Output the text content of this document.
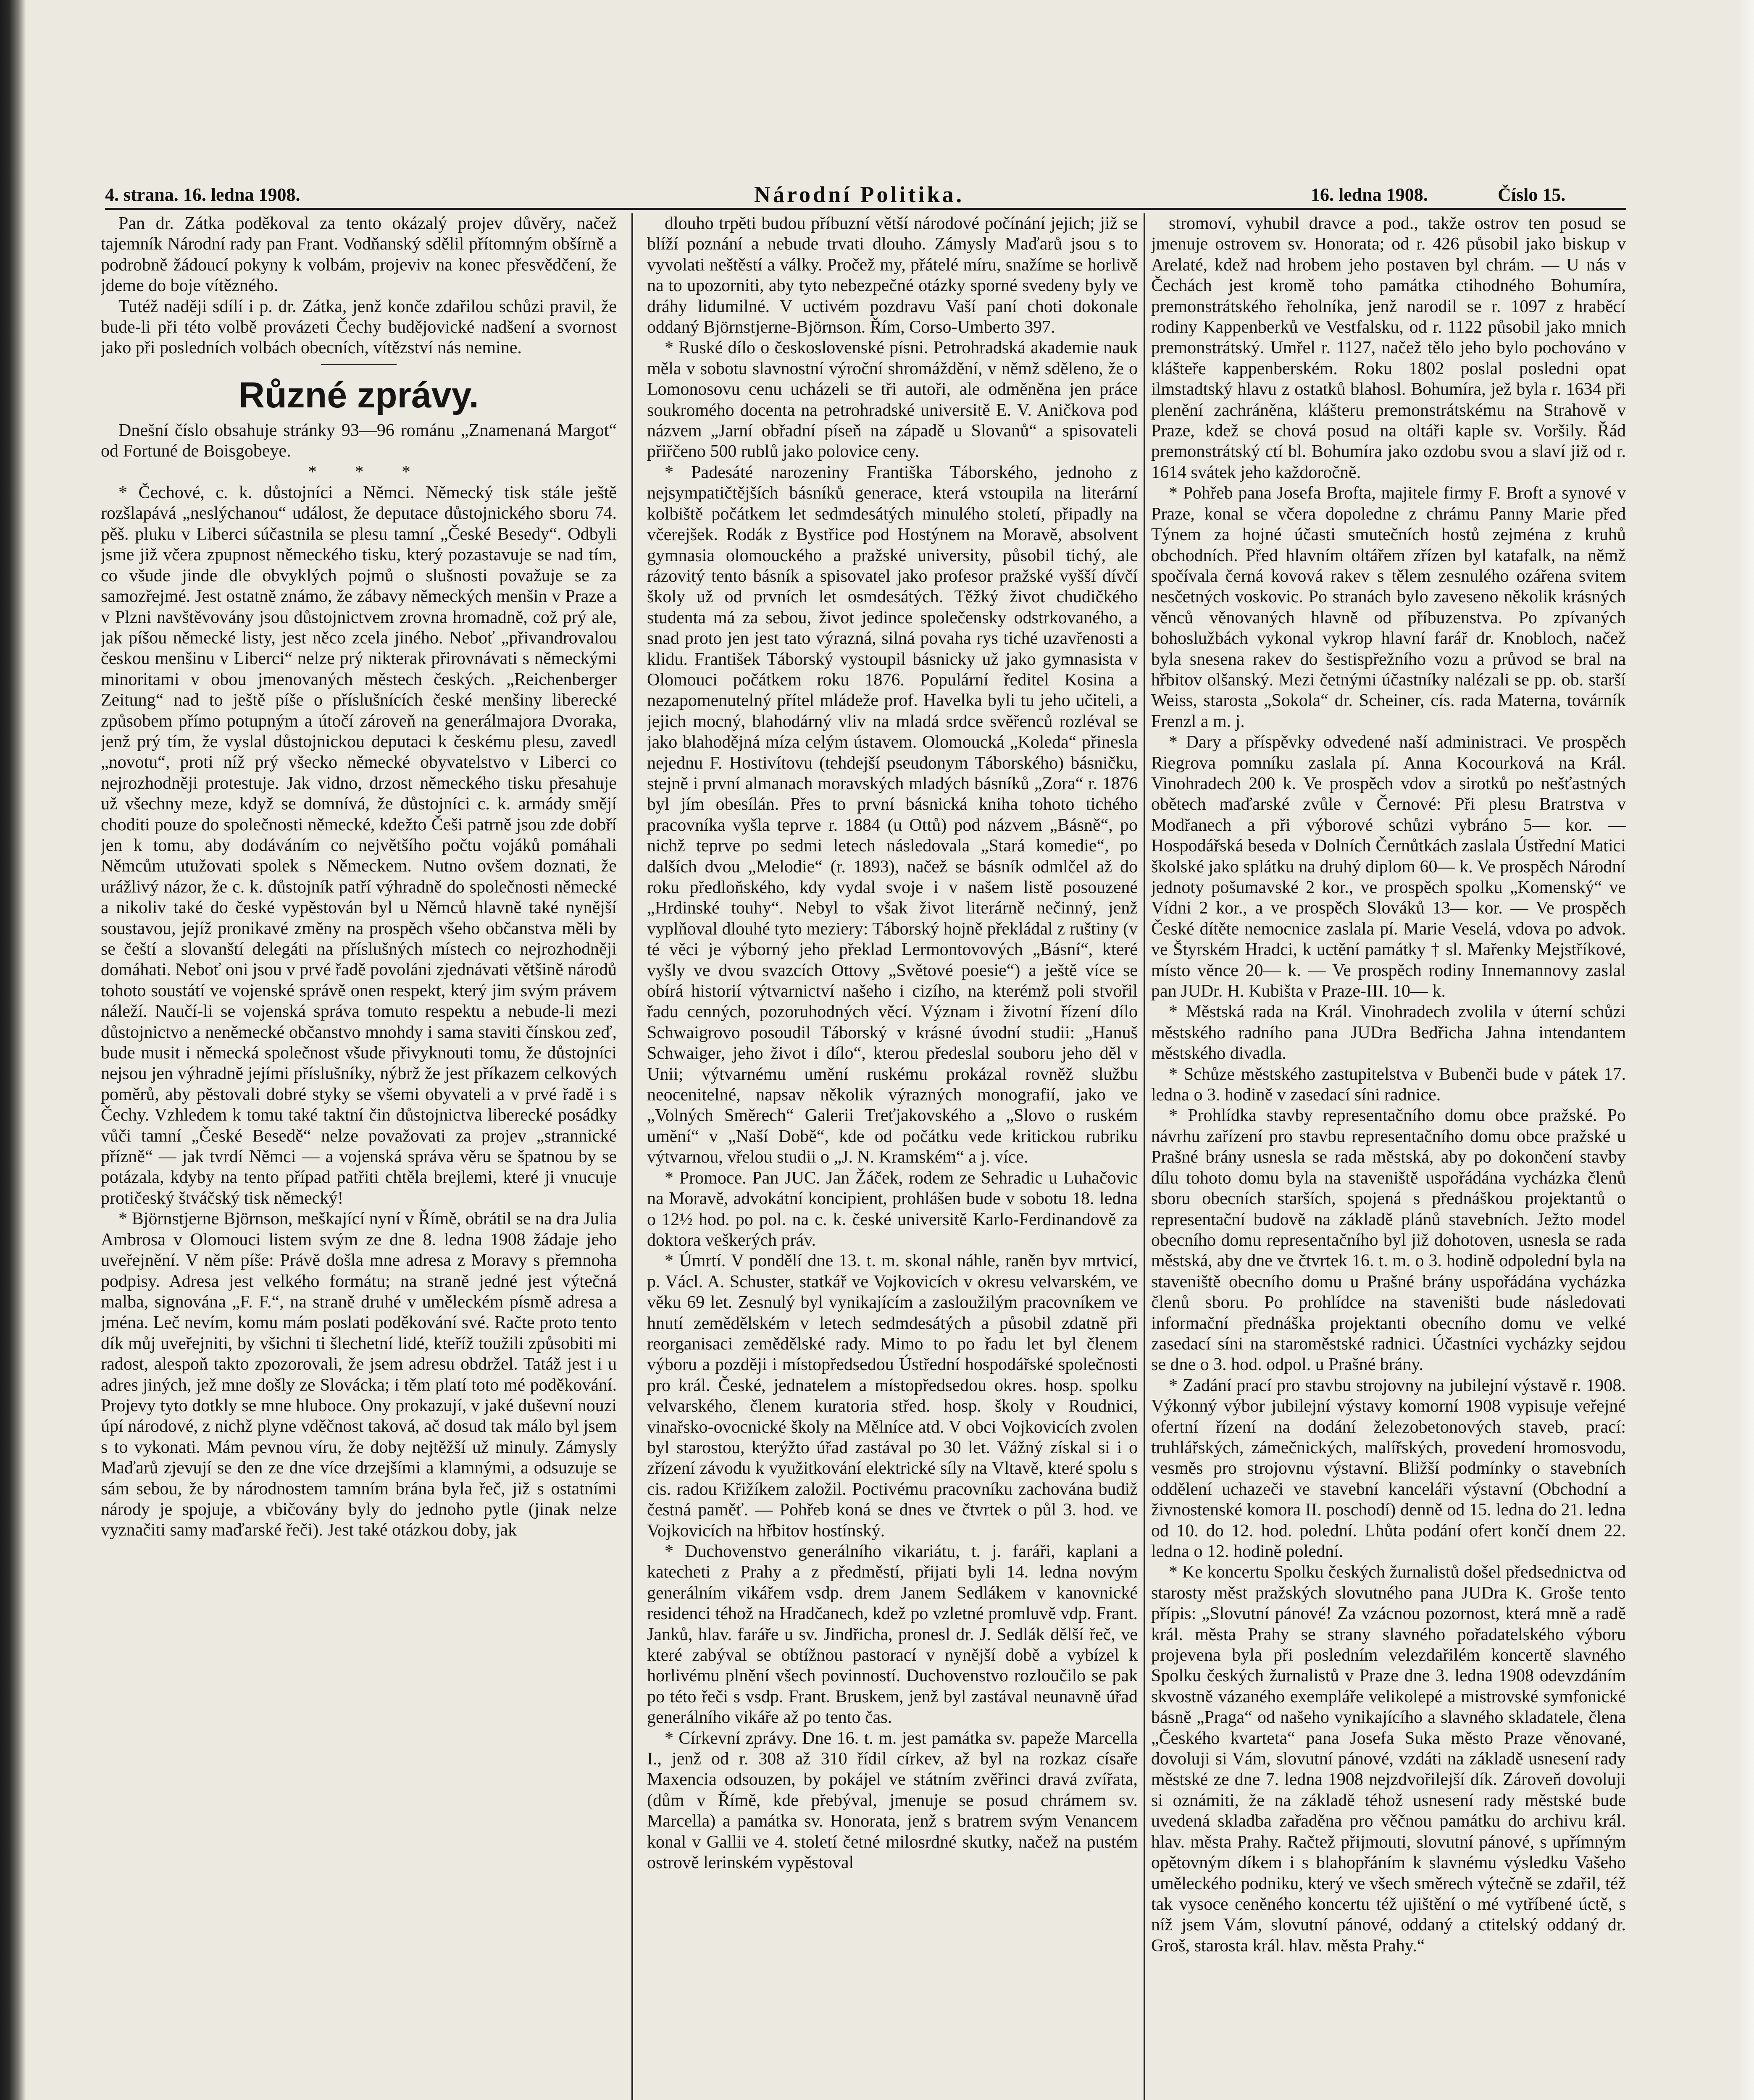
4. strana. 16. ledna 1908.	Národní Politika.	16. ledna 1908.	Číslo 15.

Pan dr. Zátka poděkoval za tento okázalý projev důvěry, načež tajemník Národní rady pan Frant. Vodňanský sdělil přítomným obšírně a podrobně žádoucí pokyny k volbám, projeviv na konec přesvědčení, že jdeme do boje vítězného.

Tutéž naději sdílí i p. dr. Zátka, jenž konče zdařilou schůzi pravil, že bude-li při této volbě provázeti Čechy budějovické nadšení a svornost jako při posledních volbách obecních, vítězství nás nemine.

Různé zprávy.

Dnešní číslo obsahuje stránky 93—96 románu „Znamenaná Margot“ od Fortuné de Boisgobeye.

* * *

* Čechové, c. k. důstojníci a Němci. Německý tisk stále ještě rozšlapává „neslýchanou“ událost, že deputace důstojnického sboru 74. pěš. pluku v Liberci súčastnila se plesu tamní „České Besedy“. Odbyli jsme již včera zpupnost německého tisku, který pozastavuje se nad tím, co všude jinde dle obvyklých pojmů o slušnosti považuje se za samozřejmé. Jest ostatně známo, že zábavy německých menšin v Praze a v Plzni navštěvovány jsou důstojnictvem zrovna hromadně, což prý ale, jak píšou německé listy, jest něco zcela jiného. Neboť „přivandrovalou českou menšinu v Liberci“ nelze prý nikterak přirovnávati s německými minoritami v obou jmenovaných městech českých. „Reichenberger Zeitung“ nad to ještě píše o příslušnících české menšiny liberecké způsobem přímo potupným a útočí zároveň na generálmajora Dvoraka, jenž prý tím, že vyslal důstojnickou deputaci k českému plesu, zavedl „novotu“, proti níž prý všecko německé obyvatelstvo v Liberci co nejrozhodněji protestuje. Jak vidno, drzost německého tisku přesahuje už všechny meze, když se domnívá, že důstojníci c. k. armády smějí choditi pouze do společnosti německé, kdežto Češi patrně jsou zde dobří jen k tomu, aby dodáváním co největšího počtu vojáků pomáhali Němcům utužovati spolek s Německem. Nutno ovšem doznati, že urážlivý názor, že c. k. důstojník patří výhradně do společnosti německé a nikoliv také do české vypěstován byl u Němců hlavně také nynější soustavou, jejíž pronikavé změny na prospěch všeho občanstva měli by se čeští a slovanští delegáti na příslušných místech co nejrozhodněji domáhati. Neboť oni jsou v prvé řadě povoláni zjednávati většině národů tohoto soustátí ve vojenské správě onen respekt, který jim svým právem náleží. Naučí-li se vojenská správa tomuto respektu a nebude-li mezi důstojnictvo a neněmecké občanstvo mnohdy i sama staviti čínskou zeď, bude musit i německá společnost všude přivyknouti tomu, že důstojníci nejsou jen výhradně jejími příslušníky, nýbrž že jest příkazem celkových poměrů, aby pěstovali dobré styky se všemi obyvateli a v prvé řadě i s Čechy. Vzhledem k tomu také taktní čin důstojnictva liberecké posádky vůči tamní „České Besedě“ nelze považovati za projev „strannické přízně“ — jak tvrdí Němci — a vojenská správa věru se špatnou by se potázala, kdyby na tento případ patřiti chtěla brejlemi, které ji vnucuje protičeský štváčský tisk německý!

* Björnstjerne Björnson, meškající nyní v Římě, obrátil se na dra Julia Ambrosa v Olomouci listem svým ze dne 8. ledna 1908 žádaje jeho uveřejnění. V něm píše: Právě došla mne adresa z Moravy s přemnoha podpisy. Adresa jest velkého formátu; na straně jedné jest výtečná malba, signována „F. F.“, na straně druhé v uměleckém písmě adresa a jména. Leč nevím, komu mám poslati poděkování své. Račte proto tento dík můj uveřejniti, by všichni ti šlechetní lidé, kteříž toužili způsobiti mi radost, alespoň takto zpozorovali, že jsem adresu obdržel. Tatáž jest i u adres jiných, jež mne došly ze Slovácka; i těm platí toto mé poděkování. Projevy tyto dotkly se mne hluboce. Ony prokazují, v jaké duševní nouzi úpí národové, z nichž plyne vděčnost taková, ač dosud tak málo byl jsem s to vykonati. Mám pevnou víru, že doby nejtěžší už minuly. Zámysly Maďarů zjevují se den ze dne více drzejšími a klamnými, a odsuzuje se sám sebou, že by národnostem tamním brána byla řeč, již s ostatními národy je spojuje, a vbičovány byly do jednoho pytle (jinak nelze vyznačiti samy maďarské řeči). Jest také otázkou doby, jak

dlouho trpěti budou příbuzní větší národové počínání jejich; již se blíží poznání a nebude trvati dlouho. Zámysly Maďarů jsou s to vyvolati neštěstí a války. Pročež my, přátelé míru, snažíme se horlivě na to upozorniti, aby tyto nebezpečné otázky sporné svedeny byly ve dráhy lidumilné. V uctivém pozdravu Vaší paní choti dokonale oddaný Björnstjerne-Björnson. Řím, Corso-Umberto 397.

* Ruské dílo o československé písni. Petrohradská akademie nauk měla v sobotu slavnostní výroční shromáždění, v němž sděleno, že o Lomonosovu cenu ucházeli se tři autoři, ale odměněna jen práce soukromého docenta na petrohradské universitě E. V. Aničkova pod názvem „Jarní obřadní píseň na západě u Slovanů“ a spisovateli přiřčeno 500 rublů jako polovice ceny.

* Padesáté narozeniny Františka Táborského, jednoho z nejsympatičtějších básníků generace, která vstoupila na literární kolbiště počátkem let sedmdesátých minulého století, připadly na včerejšek. Rodák z Bystřice pod Hostýnem na Moravě, absolvent gymnasia olomouckého a pražské university, působil tichý, ale rázovitý tento básník a spisovatel jako profesor pražské vyšší dívčí školy už od prvních let osmdesátých. Těžký život chudičkého studenta má za sebou, život jedince společensky odstrkovaného, a snad proto jen jest tato výrazná, silná povaha rys tiché uzavřenosti a klidu. František Táborský vystoupil básnicky už jako gymnasista v Olomouci počátkem roku 1876. Populární ředitel Kosina a nezapomenutelný přítel mládeže prof. Havelka byli tu jeho učiteli, a jejich mocný, blahodárný vliv na mladá srdce svěřenců rozléval se jako blahodějná míza celým ústavem. Olomoucká „Koleda“ přinesla nejednu F. Hostivítovu (tehdejší pseudonym Táborského) básničku, stejně i první almanach moravských mladých básníků „Zora“ r. 1876 byl jím obesílán. Přes to první básnická kniha tohoto tichého pracovníka vyšla teprve r. 1884 (u Ottů) pod názvem „Básně“, po nichž teprve po sedmi letech následovala „Stará komedie“, po dalších dvou „Melodie“ (r. 1893), načež se básník odmlčel až do roku předloňského, kdy vydal svoje i v našem listě posouzené „Hrdinské touhy“. Nebyl to však život literárně nečinný, jenž vyplňoval dlouhé tyto meziery: Táborský hojně překládal z ruštiny (v té věci je výborný jeho překlad Lermontovových „Básní“, které vyšly ve dvou svazcích Ottovy „Světové poesie“) a ještě více se obírá historií výtvarnictví našeho i cizího, na kterémž poli stvořil řadu cenných, pozoruhodných věcí. Význam i životní řízení dílo Schwaigrovo posoudil Táborský v krásné úvodní studii: „Hanuš Schwaiger, jeho život i dílo“, kterou předeslal souboru jeho děl v Unii; výtvarnému umění ruskému prokázal rovněž službu neocenitelné, napsav několik výrazných monografií, jako ve „Volných Směrech“ Galerii Treťjakovského a „Slovo o ruském umění“ v „Naší Době“, kde od počátku vede kritickou rubriku výtvarnou, vřelou studii o „J. N. Kramském“ a j. více.

* Promoce. Pan JUC. Jan Žáček, rodem ze Sehradic u Luhačovic na Moravě, advokátní koncipient, prohlášen bude v sobotu 18. ledna o 12½ hod. po pol. na c. k. české universitě Karlo-Ferdinandově za doktora veškerých práv.

* Úmrtí. V pondělí dne 13. t. m. skonal náhle, raněn byv mrtvicí, p. Václ. A. Schuster, statkář ve Vojkovicích v okresu velvarském, ve věku 69 let. Zesnulý byl vynikajícím a zasloužilým pracovníkem ve hnutí zemědělském v letech sedmdesátých a působil zdatně při reorganisaci zemědělské rady. Mimo to po řadu let byl členem výboru a později i místopředsedou Ústřední hospodářské společnosti pro král. České, jednatelem a místopředsedou okres. hosp. spolku velvarského, členem kuratoria střed. hosp. školy v Roudnici, vinařsko-ovocnické školy na Mělníce atd. V obci Vojkovicích zvolen byl starostou, kterýžto úřad zastával po 30 let. Vážný získal si i o zřízení závodu k využitkování elektrické síly na Vltavě, které spolu s cis. radou Křižíkem založil. Poctivému pracovníku zachována budiž čestná paměť. — Pohřeb koná se dnes ve čtvrtek o půl 3. hod. ve Vojkovicích na hřbitov hostínský.

* Duchovenstvo generálního vikariátu, t. j. faráři, kaplani a katecheti z Prahy a z předměstí, přijati byli 14. ledna novým generálním vikářem vsdp. drem Janem Sedlákem v kanovnické residenci téhož na Hradčanech, kdež po vzletné promluvě vdp. Frant. Janků, hlav. faráře u sv. Jindřicha, pronesl dr. J. Sedlák dělší řeč, ve které zabýval se obtížnou pastorací v nynější době a vybízel k horlivému plnění všech povinností. Duchovenstvo rozloučilo se pak po této řeči s vsdp. Frant. Bruskem, jenž byl zastával neunavně úřad generálního vikáře až po tento čas.

* Církevní zprávy. Dne 16. t. m. jest památka sv. papeže Marcella I., jenž od r. 308 až 310 řídil církev, až byl na rozkaz císaře Maxencia odsouzen, by pokájel ve státním zvěřinci dravá zvířata, (dům v Římě, kde přebýval, jmenuje se posud chrámem sv. Marcella) a památka sv. Honorata, jenž s bratrem svým Venancem konal v Gallii ve 4. století četné milosrdné skutky, načež na pustém ostrově lerinském vypěstoval

stromoví, vyhubil dravce a pod., takže ostrov ten posud se jmenuje ostrovem sv. Honorata; od r. 426 působil jako biskup v Arelaté, kdež nad hrobem jeho postaven byl chrám. — U nás v Čechách jest kromě toho památka ctihodného Bohumíra, premonstrátského řeholníka, jenž narodil se r. 1097 z hraběcí rodiny Kappenberků ve Vestfalsku, od r. 1122 působil jako mnich premonstrátský. Umřel r. 1127, načež tělo jeho bylo pochováno v klášteře kappenberském. Roku 1802 poslal posledni opat ilmstadtský hlavu z ostatků blahosl. Bohumíra, jež byla r. 1634 při plenění zachráněna, klášteru premonstrátskému na Strahově v Praze, kdež se chová posud na oltáři kaple sv. Voršily. Řád premonstrátský ctí bl. Bohumíra jako ozdobu svou a slaví již od r. 1614 svátek jeho každoročně.

* Pohřeb pana Josefa Brofta, majitele firmy F. Broft a synové v Praze, konal se včera dopoledne z chrámu Panny Marie před Týnem za hojné účasti smutečních hostů zejména z kruhů obchodních. Před hlavním oltářem zřízen byl katafalk, na němž spočívala černá kovová rakev s tělem zesnulého ozářena svitem nesčetných voskovic. Po stranách bylo zaveseno několik krásných věnců věnovaných hlavně od příbuzenstva. Po zpívaných bohoslužbách vykonal vykrop hlavní farář dr. Knobloch, načež byla snesena rakev do šestispřežního vozu a průvod se bral na hřbitov olšanský. Mezi četnými účastníky nalézali se pp. ob. starší Weiss, starosta „Sokola“ dr. Scheiner, cís. rada Materna, továrník Frenzl a m. j.

* Dary a příspěvky odvedené naší administraci. Ve prospěch Riegrova pomníku zaslala pí. Anna Kocourková na Král. Vinohradech 200 k. Ve prospěch vdov a sirotků po nešťastných obětech maďarské zvůle v Černové: Při plesu Bratrstva v Modřanech a při výborové schůzi vybráno 5— kor. — Hospodářská beseda v Dolních Černůtkách zaslala Ústřední Matici školské jako splátku na druhý diplom 60— k. Ve prospěch Národní jednoty pošumavské 2 kor., ve prospěch spolku „Komenský“ ve Vídni 2 kor., a ve prospěch Slováků 13— kor. — Ve prospěch České dítěte nemocnice zaslala pí. Marie Veselá, vdova po advok. ve Štyrském Hradci, k uctění památky † sl. Mařenky Mejstříkové, místo věnce 20— k. — Ve prospěch rodiny Innemannovy zaslal pan JUDr. H. Kubišta v Praze-III. 10— k.

* Městská rada na Král. Vinohradech zvolila v úterní schůzi městského radního pana JUDra Bedřicha Jahna intendantem městského divadla.

* Schůze městského zastupitelstva v Bubenči bude v pátek 17. ledna o 3. hodině v zasedací síni radnice.

* Prohlídka stavby representačního domu obce pražské. Po návrhu zařízení pro stavbu representačního domu obce pražské u Prašné brány usnesla se rada městská, aby po dokončení stavby dílu tohoto domu byla na staveniště uspořádána vycházka členů sboru obecních starších, spojená s přednáškou projektantů o representační budově na základě plánů stavebních. Ježto model obecního domu representačního byl již dohotoven, usnesla se rada městská, aby dne ve čtvrtek 16. t. m. o 3. hodině odpolední byla na staveniště obecního domu u Prašné brány uspořádána vycházka členů sboru. Po prohlídce na staveništi bude následovati informační přednáška projektanti obecního domu ve velké zasedací síni na staroměstské radnici. Účastníci vycházky sejdou se dne o 3. hod. odpol. u Prašné brány.

* Zadání prací pro stavbu strojovny na jubilejní výstavě r. 1908. Výkonný výbor jubilejní výstavy komorní 1908 vypisuje veřejné ofertní řízení na dodání železobetonových staveb, prací: truhlářských, zámečnických, malířských, provedení hromosvodu, vesměs pro strojovnu výstavní. Bližší podmínky o stavebních oddělení uchazeči ve stavební kanceláři výstavní (Obchodní a živnostenské komora II. poschodí) denně od 15. ledna do 21. ledna od 10. do 12. hod. polední. Lhůta podání ofert končí dnem 22. ledna o 12. hodině polední.

* Ke koncertu Spolku českých žurnalistů došel předsednictva od starosty měst pražských slovutného pana JUDra K. Groše tento přípis: „Slovutní pánové! Za vzácnou pozornost, která mně a radě král. města Prahy se strany slavného pořadatelského výboru projevena byla při posledním velezdařilém koncertě slavného Spolku českých žurnalistů v Praze dne 3. ledna 1908 odevzdáním skvostně vázaného exempláře velikolepé a mistrovské symfonické básně „Praga“ od našeho vynikajícího a slavného skladatele, člena „Českého kvarteta“ pana Josefa Suka město Praze věnované, dovoluji si Vám, slovutní pánové, vzdáti na základě usnesení rady městské ze dne 7. ledna 1908 nejzdvořilejší dík. Zároveň dovoluji si oznámiti, že na základě téhož usnesení rady městské bude uvedená skladba zařaděna pro věčnou památku do archivu král. hlav. města Prahy. Račtež přijmouti, slovutní pánové, s upřímným opětovným díkem i s blahopřáním k slavnému výsledku Vašeho uměleckého podniku, který ve všech směrech výtečně se zdařil, též tak vysoce ceněného koncertu též ujištění o mé vytříbené úctě, s níž jsem Vám, slovutní pánové, oddaný a ctitelský oddaný dr. Groš, starosta král. hlav. města Prahy.“
